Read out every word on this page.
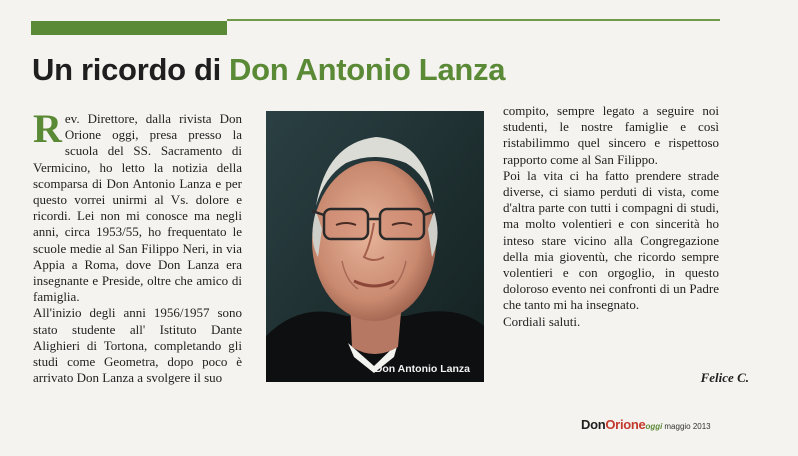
Un ricordo di Don Antonio Lanza

Rev. Direttore, dalla rivista Don Orione oggi, presa presso la scuola del SS. Sacramento di Vermicino, ho letto la notizia della scomparsa di Don Antonio Lanza e per questo vorrei unirmi al Vs. dolore e ricordi. Lei non mi conosce ma negli anni, circa 1953/55, ho frequentato le scuole medie al San Filippo Neri, in via Appia a Roma, dove Don Lanza era insegnante e Preside, oltre che amico di famiglia.

All'inizio degli anni 1956/1957 sono stato studente all' Istituto Dante Alighieri di Tortona, completando gli studi come Geometra, dopo poco è arrivato Don Lanza a svolgere il suo

Don Antonio Lanza

compito, sempre legato a seguire noi studenti, le nostre famiglie e così ristabilimmo quel sincero e rispettoso rapporto come al San Filippo.

Poi la vita ci ha fatto prendere strade diverse, ci siamo perduti di vista, come d'altra parte con tutti i compagni di studi, ma molto volentieri e con sincerità ho inteso stare vicino alla Congregazione della mia gioventù, che ricordo sempre volentieri e con orgoglio, in questo doloroso evento nei confronti di un Padre che tanto mi ha insegnato.

Cordiali saluti.

Felice C.

DonOrioneoggi maggio 2013
